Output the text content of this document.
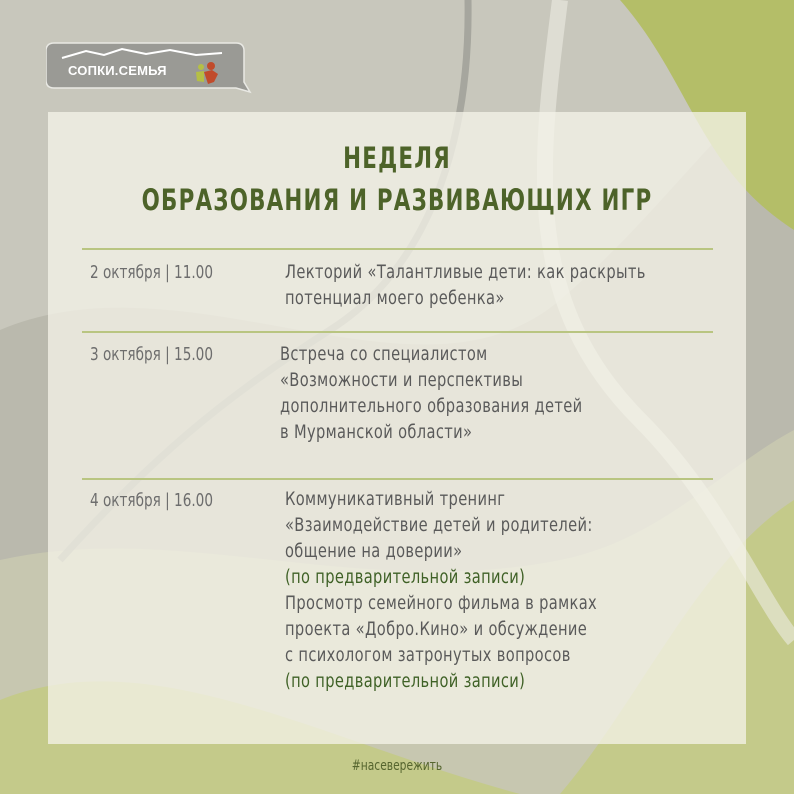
СОПКИ.СЕМЬЯ
НЕДЕЛЯ
ОБРАЗОВАНИЯ И РАЗВИВАЮЩИХ ИГР
2 октября | 11.00	Лекторий «Талантливые дети: как раскрыть
потенциал моего ребенка»
3 октября | 15.00	Встреча со специалистом
«Возможности и перспективы
дополнительного образования детей
в Мурманской области»
4 октября | 16.00	Коммуникативный тренинг
«Взаимодействие детей и родителей:
общение на доверии»
(по предварительной записи)
Просмотр семейного фильма в рамках
проекта «Добро.Кино» и обсуждение
с психологом затронутых вопросов
(по предварительной записи)
#насевережить
